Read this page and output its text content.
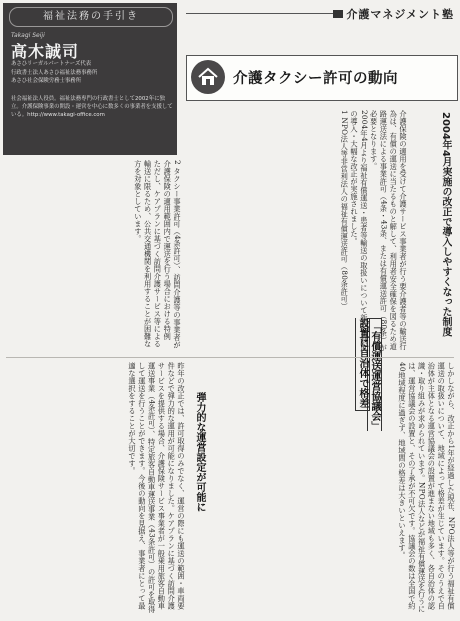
福祉法務の手引き
Takagi Seiji
高木誠司
あさひリーガルパートナーズ代表
行政書士法人あさひ福祉法務事務所
あさひ社会保険労務士事務所
社会福祉法人役員。福祉法務専門の行政書士として2002年に独立。介護保険事業の開設・運営を中心に数多くの事業者を支援している。http://www.takagi-office.com
介護マネジメント塾
介護タクシー許可の動向
2004年4月実施の改正で導入しやすくなった制度

介護保険の適用を受けて介護サービス事業者が行う要介護者等の輸送行為は、有償の運送に当たるものと解して、利用者安全確保を図るため道路運送法による事業許可（4条・43条、または有償運送許可（80条）が必要となります。

2004年4月より福祉有償運送・患者等輸送の取扱いについて新たな制度の導入・大幅な改正が実施されました。

1 NPO法人等非営利法人の福祉有償運送許可（80条許可）

2 タクシー事業許可（4条許可）、訪問介護等の事業者が介護保険の適用範囲内で運送を行う場合における特例

ただし、ケアプランに基づく訪問介護サービス等による輸送に限るため、公共交通機関を利用することが困難な方を対象としています。

「有償運送運営協議会」設置に自治体で格差	しかしながら、改正から1年が経過した現在、NPO法人等が行う福祉有償運送の取扱いについて、地域によって格差が生じています。そのうえで自治体が主体となる運営協議会の設置が進まない地域も多く、各自治体の認識・取り組みが求められています。NPO法人などが福祉有償運送を行うには、運営協議会の設置と、その了承が不可欠です。協議会の数は全国で約40地域程度に過ぎず、地域間の格差は大きいといえます。
弾力的な運営設定が可能に
昨年の改正では、許可取得のみでなく、運営の際にも運送の範囲・車両要件などで弾力的な運用が可能になりました。ケアプランに基づく訪問介護サービスを提供する場合、介護保険サービス事業者が一般乗用旅客自動車運送事業（4条許可）、特定旅客自動車運送事業（43条許可）の許可を取得して運送を行うことができます。今後の動向を見据え、事業者にとって最適な選択をすることが大切です。
